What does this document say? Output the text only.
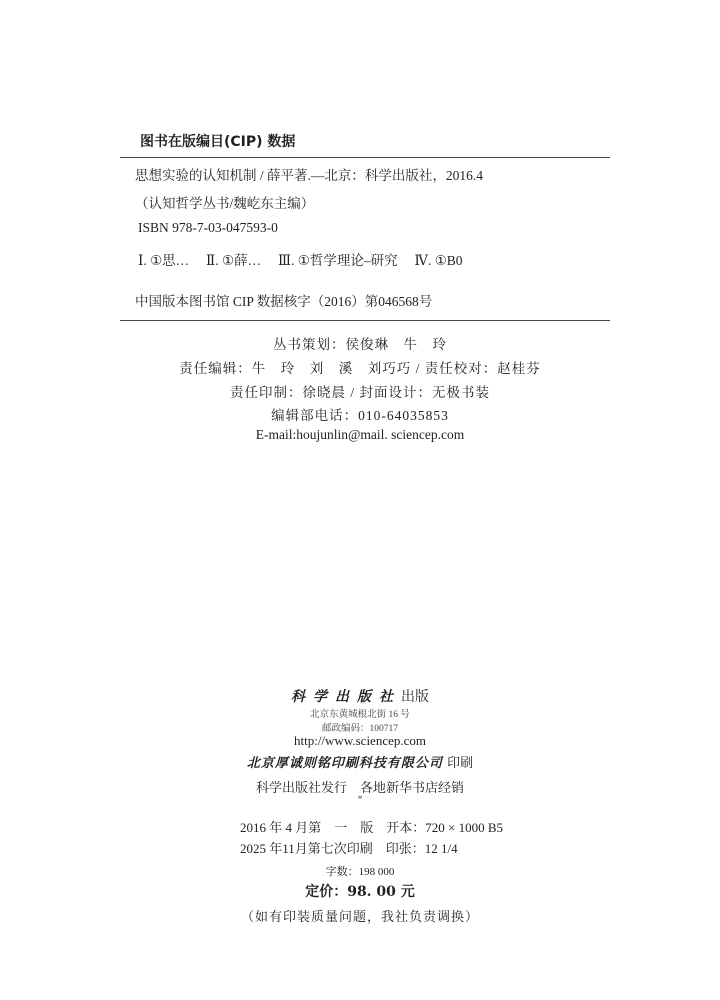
图书在版编目(CIP) 数据
思想实验的认知机制 / 薛平著.—北京：科学出版社，2016.4
（认知哲学丛书/魏屹东主编）
ISBN 978-7-03-047593-0
Ⅰ. ①思…　 Ⅱ. ①薛…　 Ⅲ. ①哲学理论–研究　 Ⅳ. ①B0
中国版本图书馆 CIP 数据核字（2016）第046568号
丛书策划：侯俊琳　牛　玲
责任编辑：牛　玲　刘　溪　刘巧巧 / 责任校对：赵桂芬
责任印制：徐晓晨 / 封面设计：无极书装
编辑部电话：010-64035853
E-mail:houjunlin@mail. sciencep.com
科学出版社出版
北京东黄城根北街 16 号
邮政编码：100717
http://www.sciencep.com
北京厚诚则铭印刷科技有限公司 印刷
科学出版社发行　各地新华书店经销
*
2016 年 4 月第　一　版　开本：720 × 1000 B5
2025 年11月第七次印刷　印张：12 1/4
字数：198 000
定价：98. 00 元
（如有印装质量问题，我社负责调换）
